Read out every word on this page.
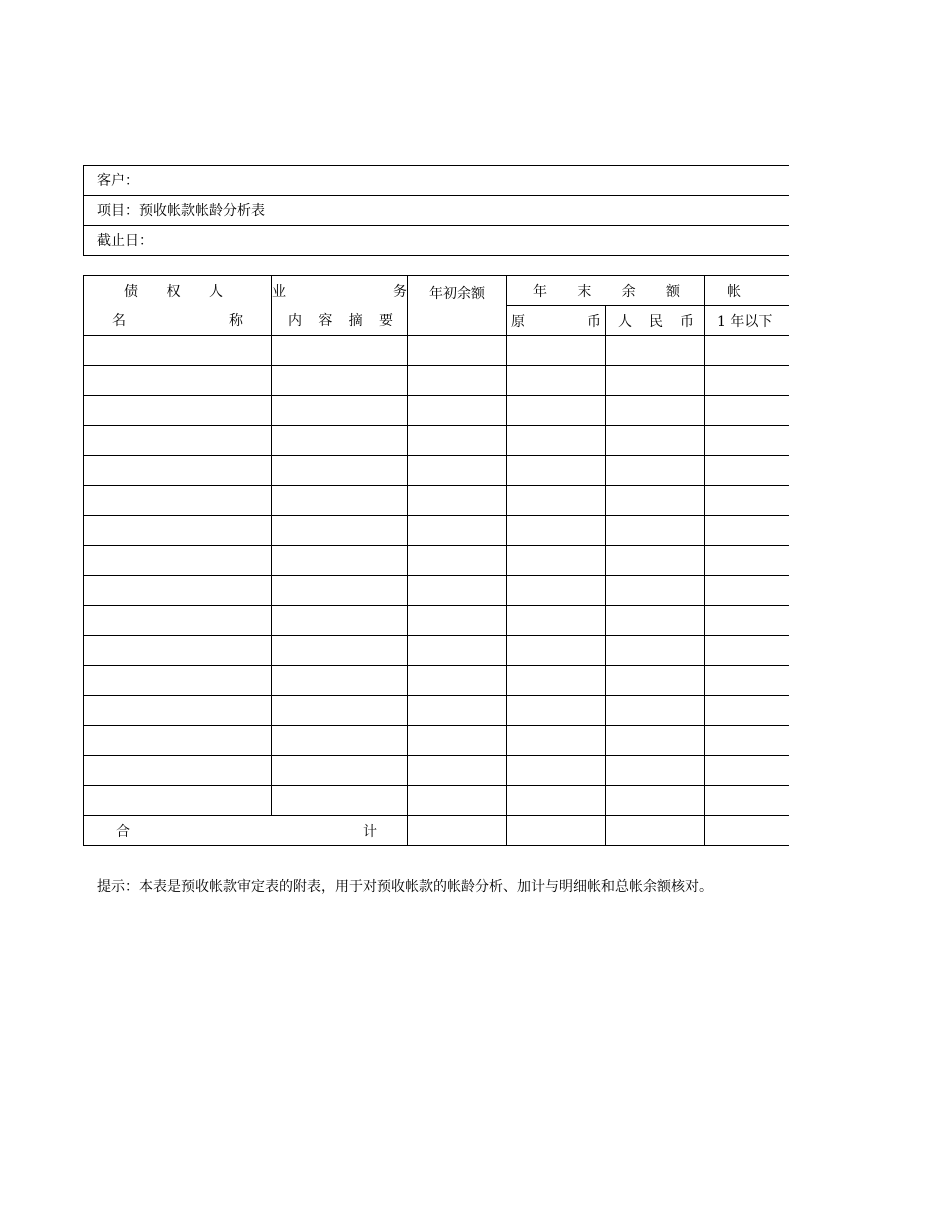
客户：
项目：预收帐款帐龄分析表
截止日：
债 权 人	业 务	年初余额	年 末 余 额		帐

名 称	内 容 摘 要		原 币	人 民 币	1 年以下

合 计					

提示：本表是预收帐款审定表的附表，用于对预收帐款的帐龄分析、加计与明细帐和总帐余额核对。
